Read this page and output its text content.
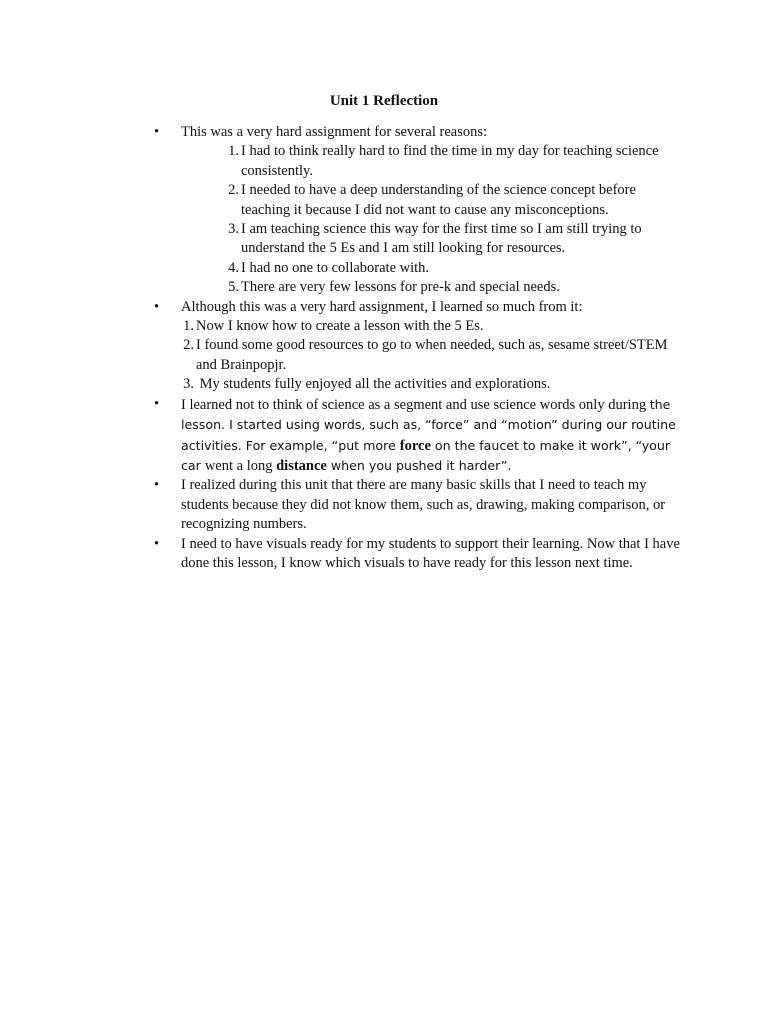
Unit 1 Reflection
• This was a very hard assignment for several reasons:
1. I had to think really hard to find the time in my day for teaching science consistently.
2. I needed to have a deep understanding of the science concept before teaching it because I did not want to cause any misconceptions.
3. I am teaching science this way for the first time so I am still trying to understand the 5 Es and I am still looking for resources.
4. I had no one to collaborate with.
5. There are very few lessons for pre-k and special needs.
• Although this was a very hard assignment, I learned so much from it:
1. Now I know how to create a lesson with the 5 Es.
2. I found some good resources to go to when needed, such as, sesame street/STEM and Brainpopjr.
3. My students fully enjoyed all the activities and explorations.
• I learned not to think of science as a segment and use science words only during the lesson. I started using words, such as, “force” and “motion” during our routine activities. For example, “put more force on the faucet to make it work”, “your car went a long distance when you pushed it harder”.
• I realized during this unit that there are many basic skills that I need to teach my students because they did not know them, such as, drawing, making comparison, or recognizing numbers.
• I need to have visuals ready for my students to support their learning. Now that I have done this lesson, I know which visuals to have ready for this lesson next time.
